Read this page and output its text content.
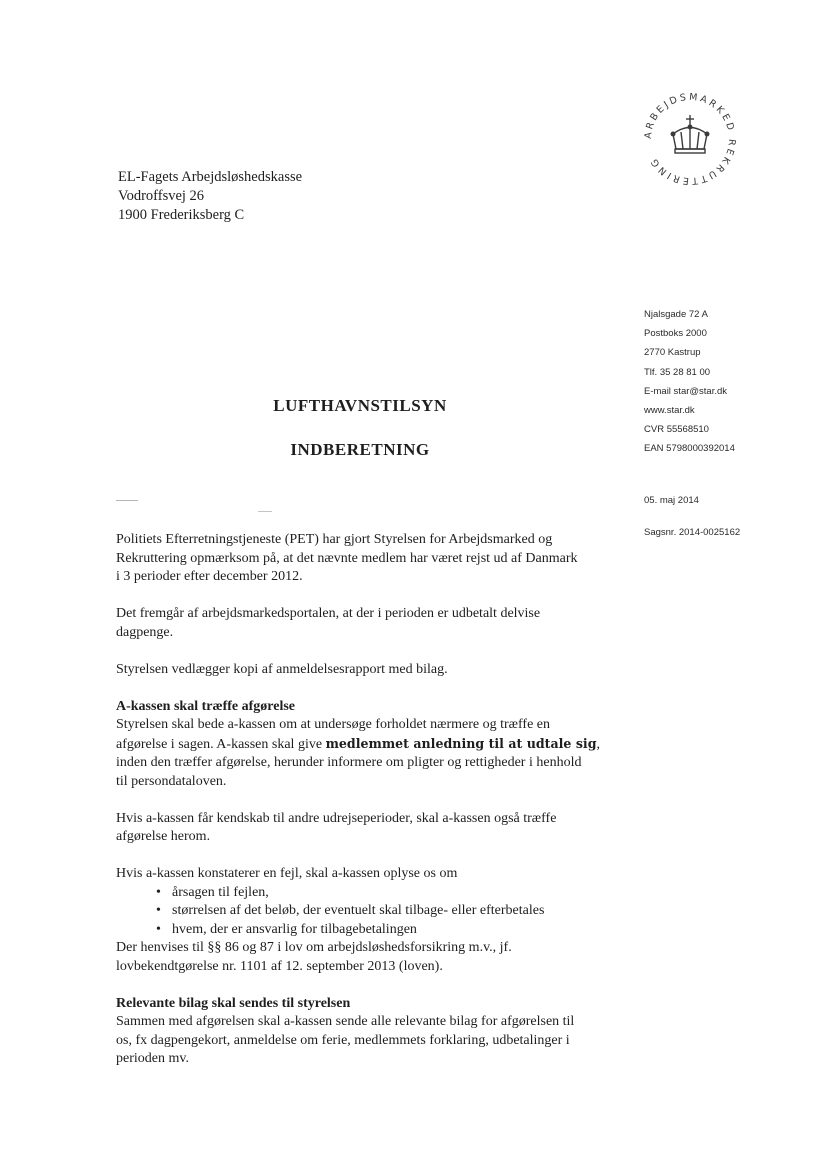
ARBEJDSMARKED REKRUTTERING
EL-Fagets Arbejdsløshedskasse
Vodroffsvej 26
1900 Frederiksberg C
Njalsgade 72 A
Postboks 2000
2770 Kastrup
Tlf. 35 28 81 00
E-mail star@star.dk
www.star.dk
CVR 55568510
EAN 5798000392014
LUFTHAVNSTILSYN
INDBERETNING
05. maj 2014
Sagsnr. 2014-0025162

Politiets Efterretningstjeneste (PET) har gjort Styrelsen for Arbejdsmarked og

Rekruttering opmærksom på, at det nævnte medlem har været rejst ud af Danmark

i 3 perioder efter december 2012.

Det fremgår af arbejdsmarkedsportalen, at der i perioden er udbetalt delvise

dagpenge.

Styrelsen vedlægger kopi af anmeldelsesrapport med bilag.

A-kassen skal træffe afgørelse

Styrelsen skal bede a-kassen om at undersøge forholdet nærmere og træffe en

afgørelse i sagen. A-kassen skal give medlemmet anledning til at udtale sig,

inden den træffer afgørelse, herunder informere om pligter og rettigheder i henhold

til persondataloven.

Hvis a-kassen får kendskab til andre udrejseperioder, skal a-kassen også træffe

afgørelse herom.

Hvis a-kassen konstaterer en fejl, skal a-kassen oplyse os om

• årsagen til fejlen,
• størrelsen af det beløb, der eventuelt skal tilbage- eller efterbetales
• hvem, der er ansvarlig for tilbagebetalingen

Der henvises til §§ 86 og 87 i lov om arbejdsløshedsforsikring m.v., jf.

lovbekendtgørelse nr. 1101 af 12. september 2013 (loven).

Relevante bilag skal sendes til styrelsen

Sammen med afgørelsen skal a-kassen sende alle relevante bilag for afgørelsen til

os, fx dagpengekort, anmeldelse om ferie, medlemmets forklaring, udbetalinger i

perioden mv.
